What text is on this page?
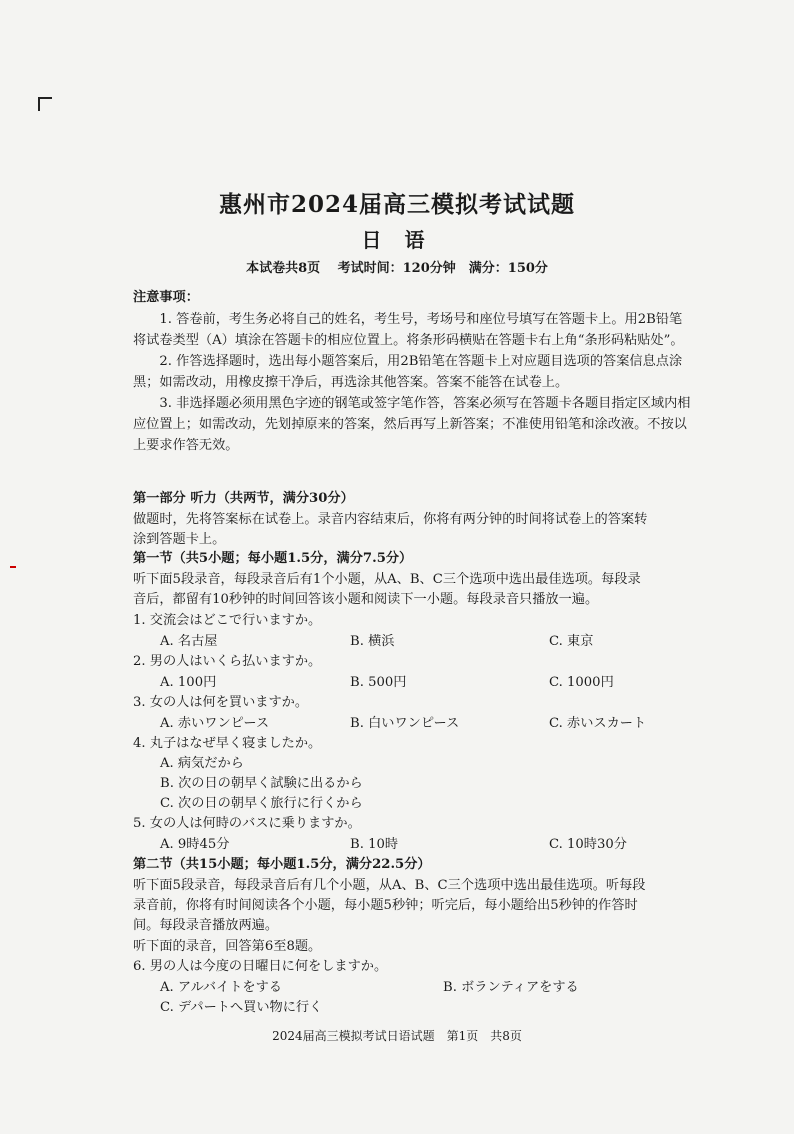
惠州市2024届高三模拟考试试题
日 语
本试卷共8页　 考试时间：120分钟　满分：150分
注意事项：

1. 答卷前，考生务必将自己的姓名，考生号，考场号和座位号填写在答题卡上。用2B铅笔将试卷类型（A）填涂在答题卡的相应位置上。将条形码横贴在答题卡右上角“条形码粘贴处”。

2. 作答选择题时，选出每小题答案后，用2B铅笔在答题卡上对应题目选项的答案信息点涂黑；如需改动，用橡皮擦干净后，再选涂其他答案。答案不能答在试卷上。

3. 非选择题必须用黑色字迹的钢笔或签字笔作答，答案必须写在答题卡各题目指定区域内相应位置上；如需改动，先划掉原来的答案，然后再写上新答案；不准使用铅笔和涂改液。不按以上要求作答无效。

第一部分 听力（共两节，满分30分）
做题时，先将答案标在试卷上。录音内容结束后，你将有两分钟的时间将试卷上的答案转
涂到答题卡上。
第一节（共5小题；每小题1.5分，满分7.5分）
听下面5段录音，每段录音后有1个小题，从A、B、C三个选项中选出最佳选项。每段录
音后，都留有10秒钟的时间回答该小题和阅读下一小题。每段录音只播放一遍。
1. 交流会はどこで行いますか。
A. 名古屋	B. 横浜	C. 東京
2. 男の人はいくら払いますか。
A. 100円	B. 500円	C. 1000円
3. 女の人は何を買いますか。
A. 赤いワンピース	B. 白いワンピース	C. 赤いスカート
4. 丸子はなぜ早く寝ましたか。
A. 病気だから
B. 次の日の朝早く試験に出るから
C. 次の日の朝早く旅行に行くから
5. 女の人は何時のバスに乗りますか。
A. 9時45分	B. 10時	C. 10時30分
第二节（共15小题；每小题1.5分，满分22.5分）
听下面5段录音，每段录音后有几个小题，从A、B、C三个选项中选出最佳选项。听每段
录音前，你将有时间阅读各个小题，每小题5秒钟；听完后，每小题给出5秒钟的作答时
间。每段录音播放两遍。
听下面的录音，回答第6至8题。
6. 男の人は今度の日曜日に何をしますか。
A. アルバイトをする	B. ボランティアをする
C. デパートへ買い物に行く
2024届高三模拟考试日语试题　第1页　共8页
